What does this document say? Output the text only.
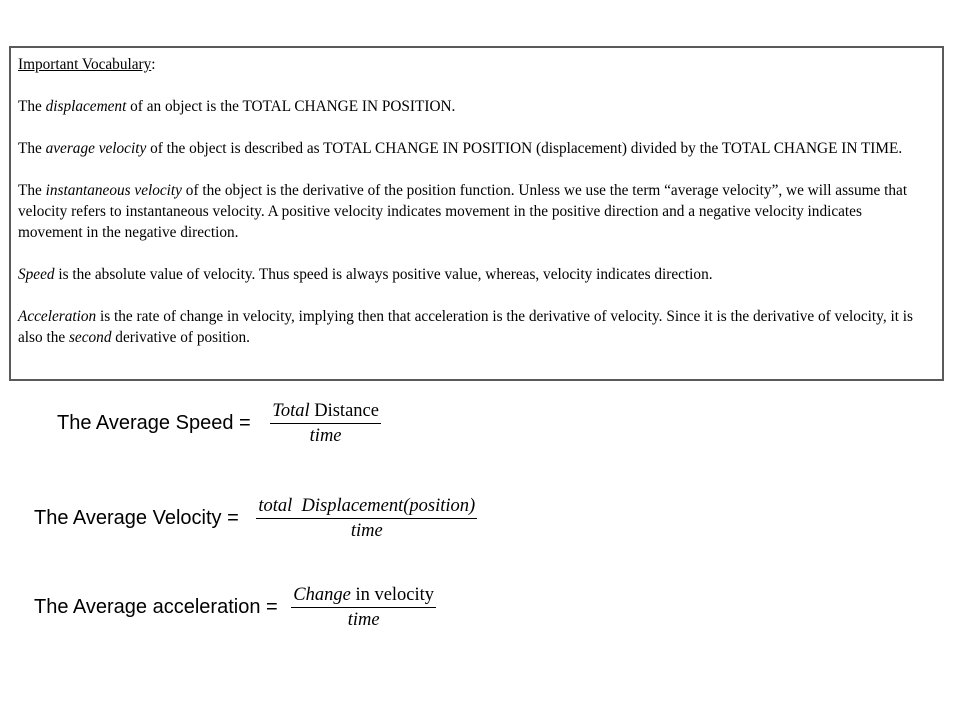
Important Vocabulary:

The displacement of an object is the TOTAL CHANGE IN POSITION.

The average velocity of the object is described as TOTAL CHANGE IN POSITION (displacement) divided by the TOTAL CHANGE IN TIME.

The instantaneous velocity of the object is the derivative of the position function. Unless we use the term “average velocity”, we will assume that velocity refers to instantaneous velocity. A positive velocity indicates movement in the positive direction and a negative velocity indicates movement in the negative direction.

Speed is the absolute value of velocity. Thus speed is always positive value, whereas, velocity indicates direction.

Acceleration is the rate of change in velocity, implying then that acceleration is the derivative of velocity. Since it is the derivative of velocity, it is also the second derivative of position.

The Average Speed = $\frac{\text{Total Distance}}{\text{time}}$
The Average Velocity = $\frac{\text{total  Displacement(position)}}{\text{time}}$
The Average acceleration = $\frac{\text{Change in velocity}}{\text{time}}$
